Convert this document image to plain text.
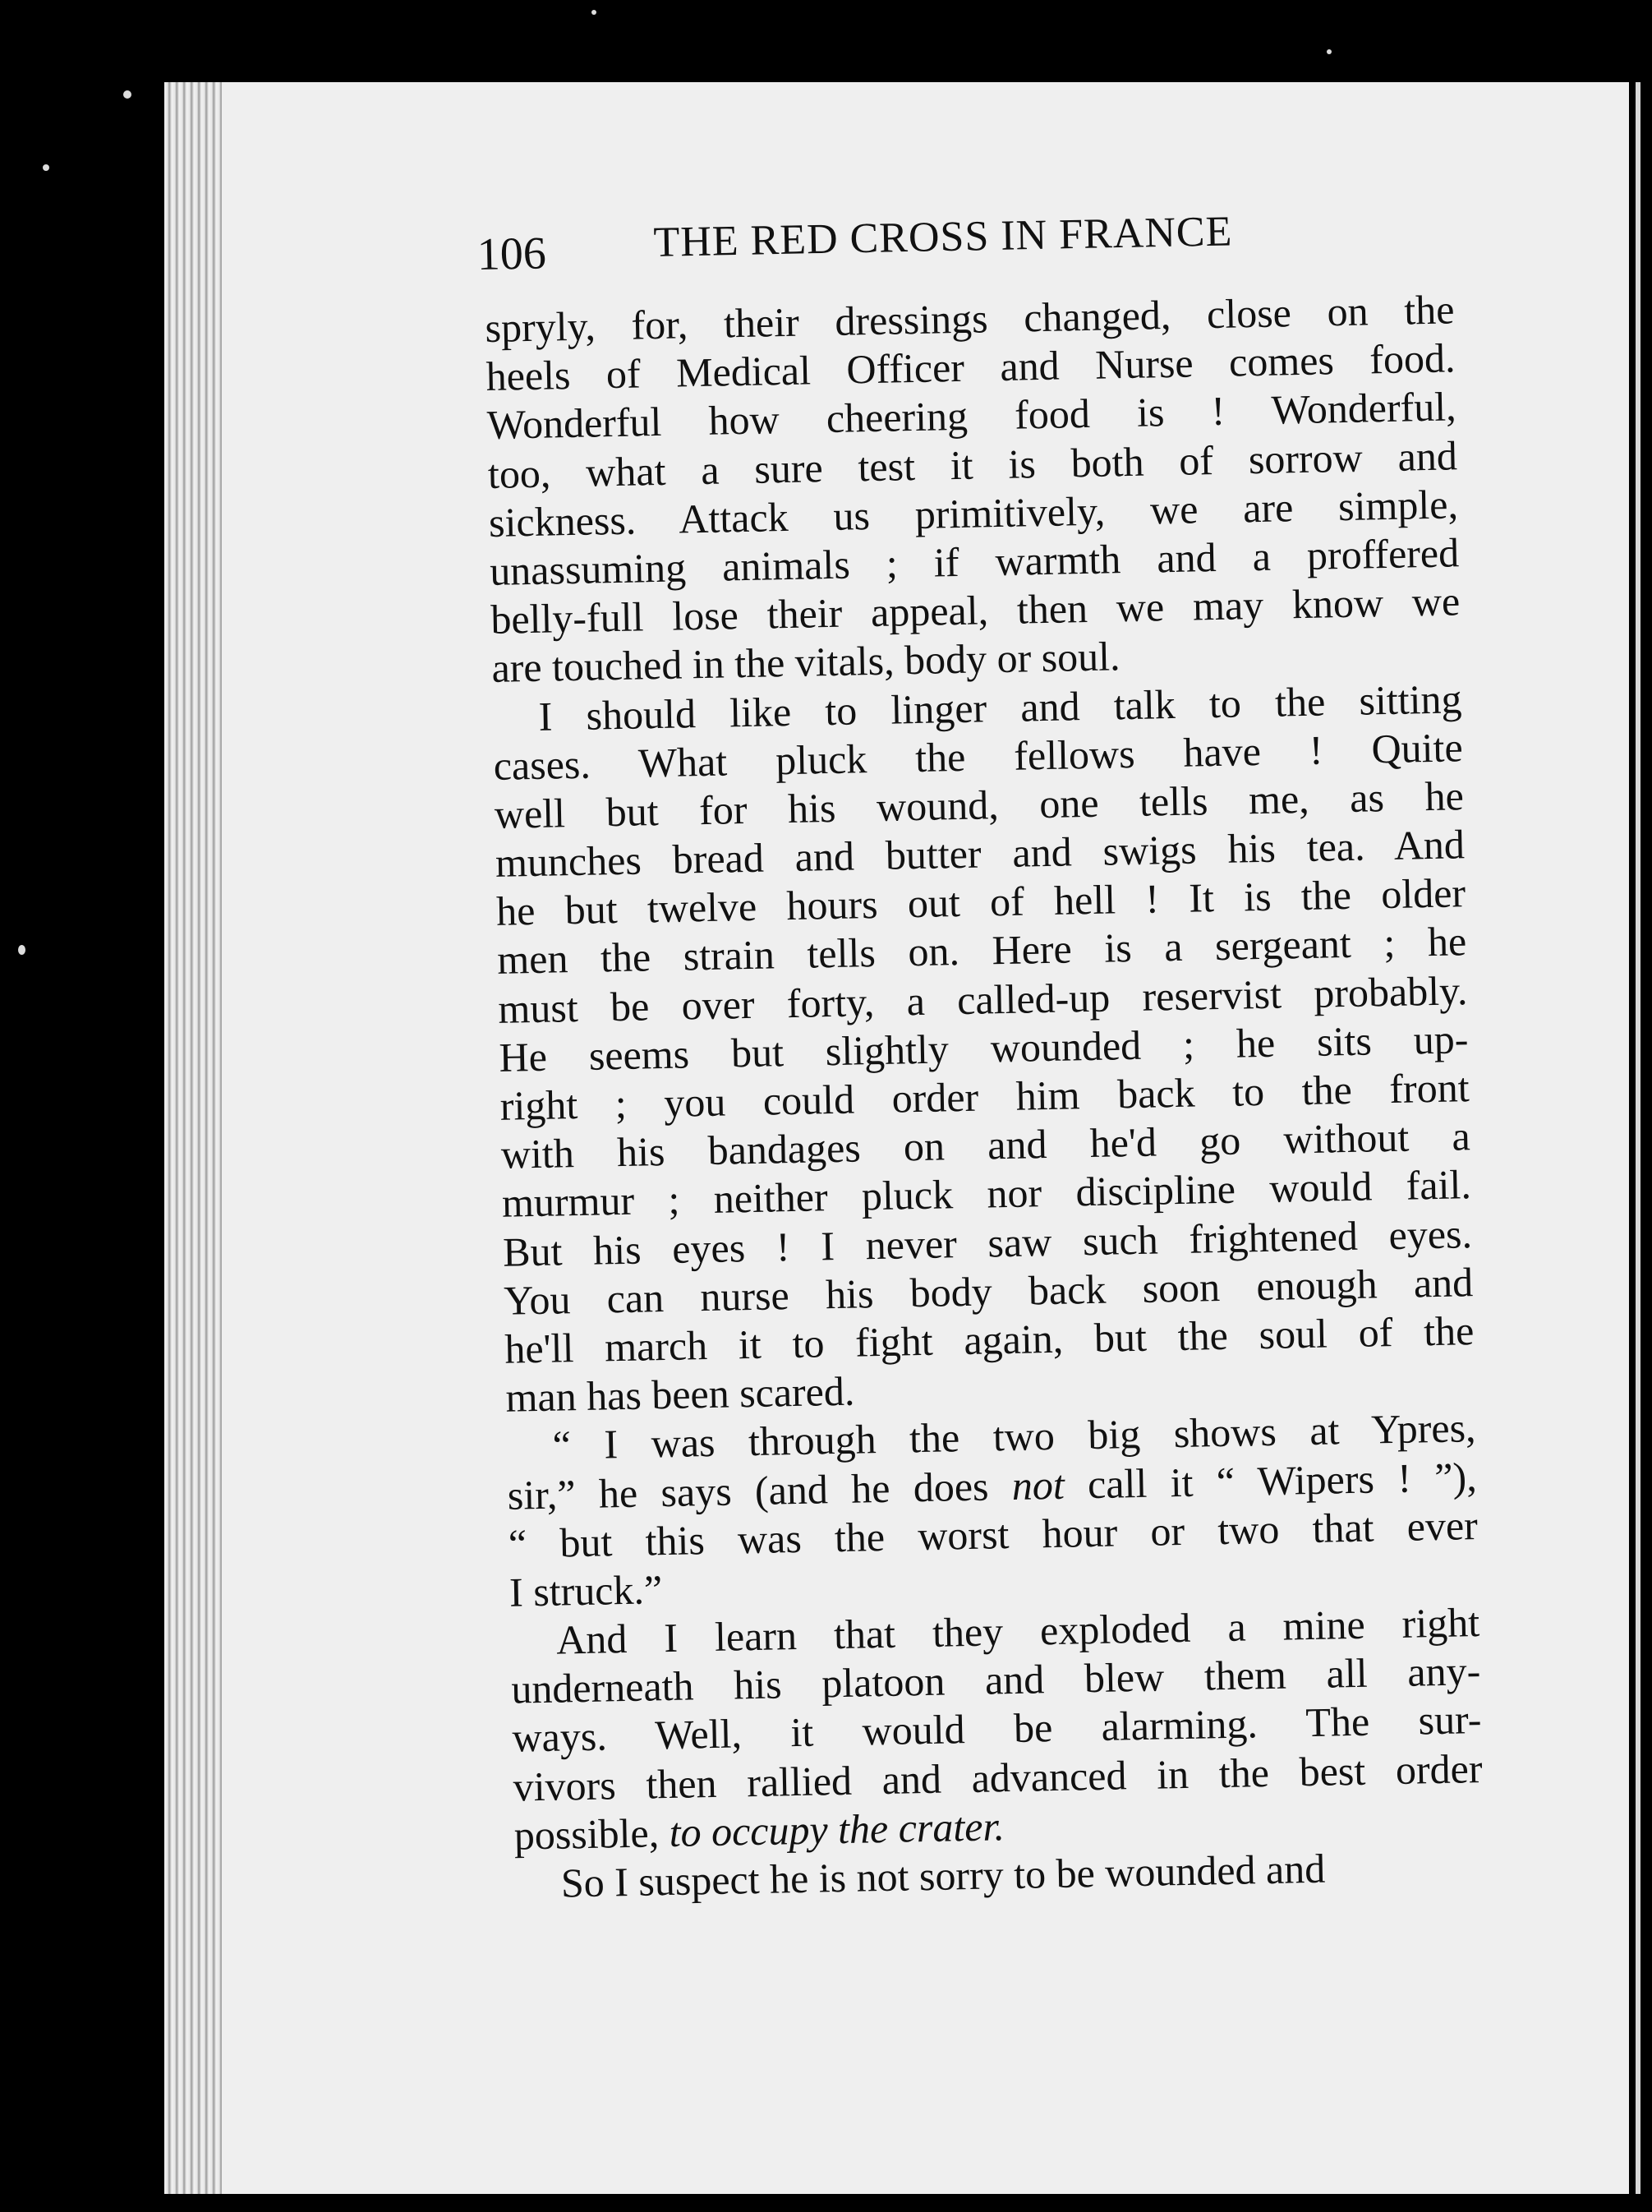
106 THE RED CROSS IN FRANCE
spryly, for, their dressings changed, close on the
heels of Medical Officer and Nurse comes food.
Wonderful how cheering food is ! Wonderful,
too, what a sure test it is both of sorrow and
sickness. Attack us primitively, we are simple,
unassuming animals ; if warmth and a proffered
belly-full lose their appeal, then we may know we
are touched in the vitals, body or soul.
I should like to linger and talk to the sitting
cases. What pluck the fellows have ! Quite
well but for his wound, one tells me, as he
munches bread and butter and swigs his tea. And
he but twelve hours out of hell ! It is the older
men the strain tells on. Here is a sergeant ; he
must be over forty, a called-up reservist probably.
He seems but slightly wounded ; he sits up-
right ; you could order him back to the front
with his bandages on and he'd go without a
murmur ; neither pluck nor discipline would fail.
But his eyes ! I never saw such frightened eyes.
You can nurse his body back soon enough and
he'll march it to fight again, but the soul of the
man has been scared.
“ I was through the two big shows at Ypres,
sir,” he says (and he does not call it “ Wipers ! ”),
“ but this was the worst hour or two that ever
I struck.”
And I learn that they exploded a mine right
underneath his platoon and blew them all any-
ways. Well, it would be alarming. The sur-
vivors then rallied and advanced in the best order
possible, to occupy the crater.
So I suspect he is not sorry to be wounded and
